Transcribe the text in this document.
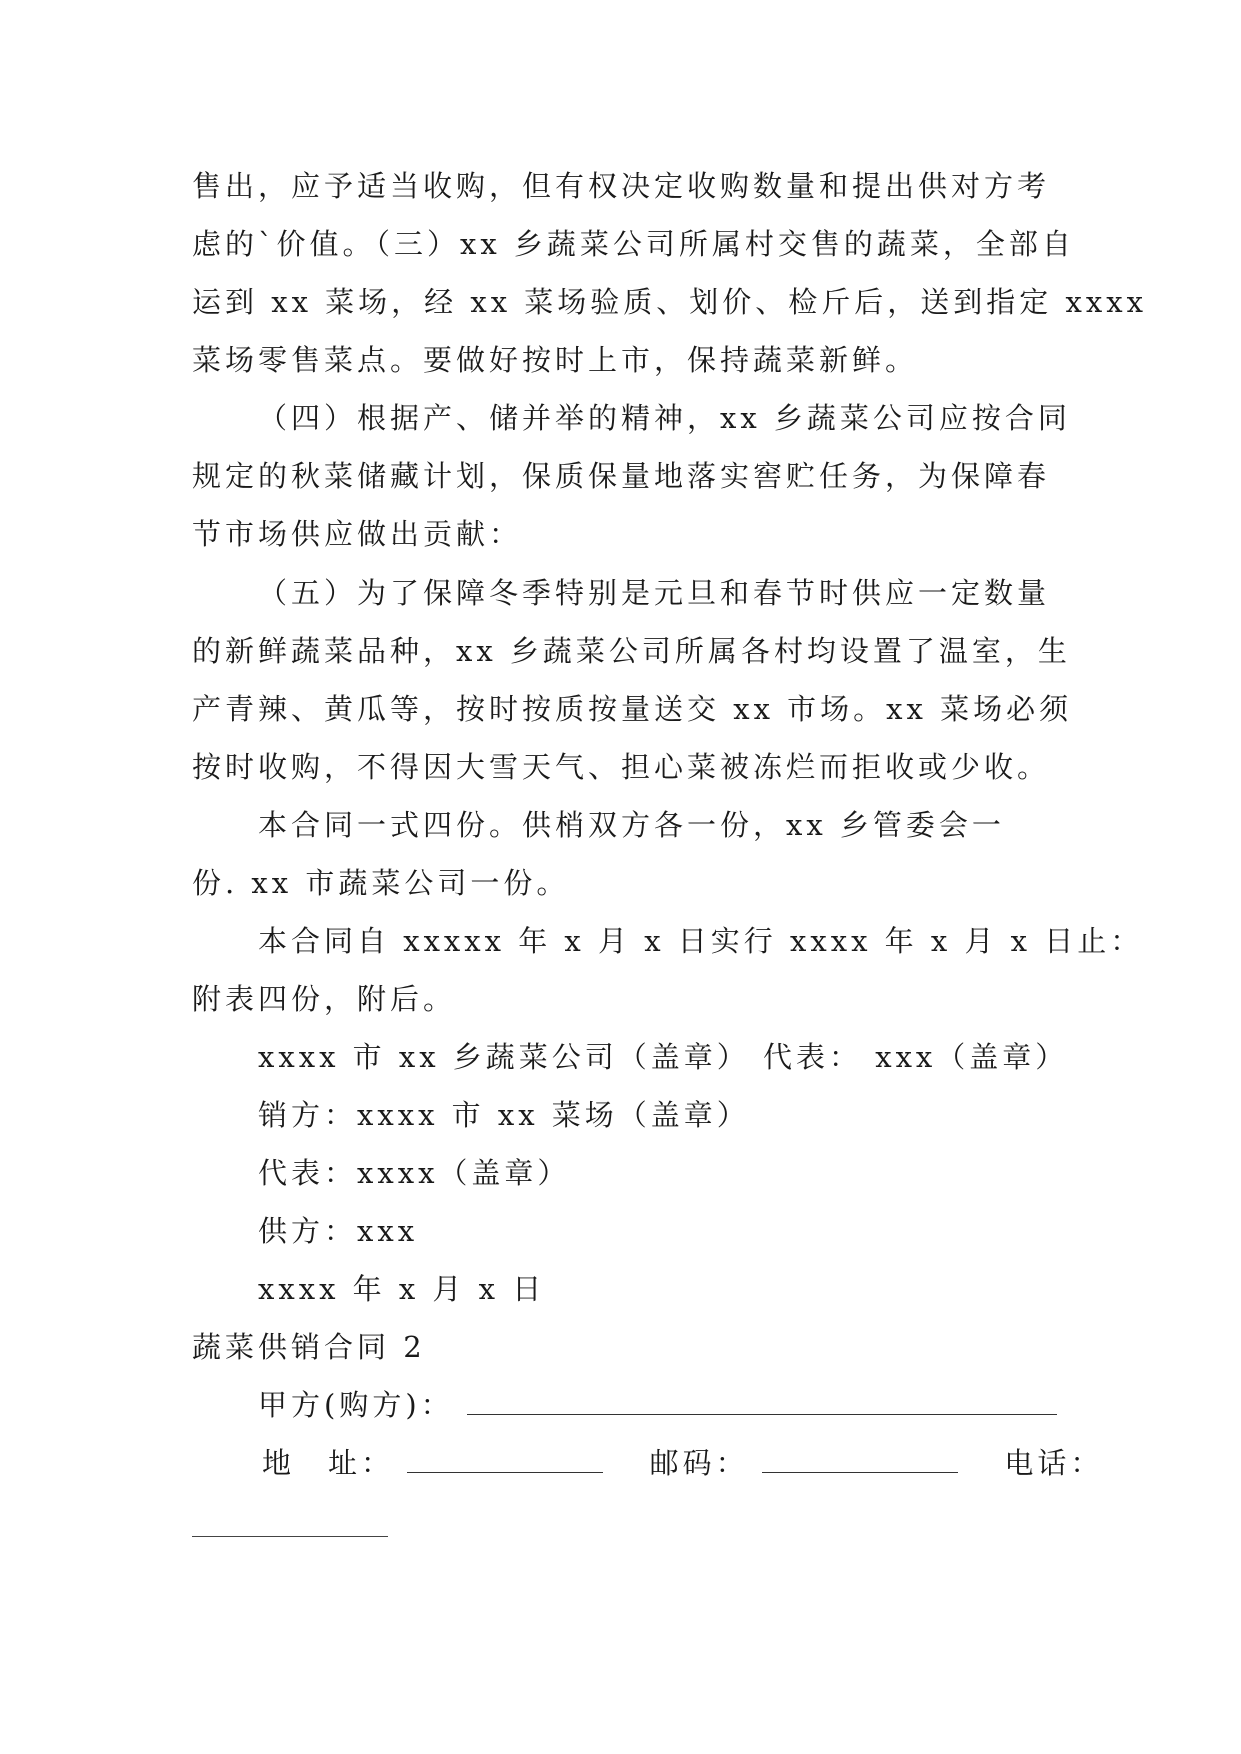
售出，应予适当收购，但有权决定收购数量和提出供对方考
虑的`价值。（三）xx 乡蔬菜公司所属村交售的蔬菜，全部自
运到 xx 菜场，经 xx 菜场验质、划价、检斤后，送到指定 xxxx
菜场零售菜点。要做好按时上市，保持蔬菜新鲜。
（四）根据产、储并举的精神，xx 乡蔬菜公司应按合同
规定的秋菜储藏计划，保质保量地落实窖贮任务，为保障春
节市场供应做出贡献：
（五）为了保障冬季特别是元旦和春节时供应一定数量
的新鲜蔬菜品种，xx 乡蔬菜公司所属各村均设置了温室，生
产青辣、黄瓜等，按时按质按量送交 xx 市场。xx 菜场必须
按时收购，不得因大雪天气、担心菜被冻烂而拒收或少收。
本合同一式四份。供梢双方各一份，xx 乡管委会一
份. xx 市蔬菜公司一份。
本合同自 xxxxx 年 x 月 x 日实行 xxxx 年 x 月 x 日止：
附表四份，附后。
xxxx 市 xx 乡蔬菜公司（盖章） 代表： xxx（盖章）
销方：xxxx 市 xx 菜场（盖章）
代表：xxxx（盖章）
供方：xxx
xxxx 年 x 月 x 日
蔬菜供销合同 2
甲方(购方)：
地　址：	邮码：	电话：
